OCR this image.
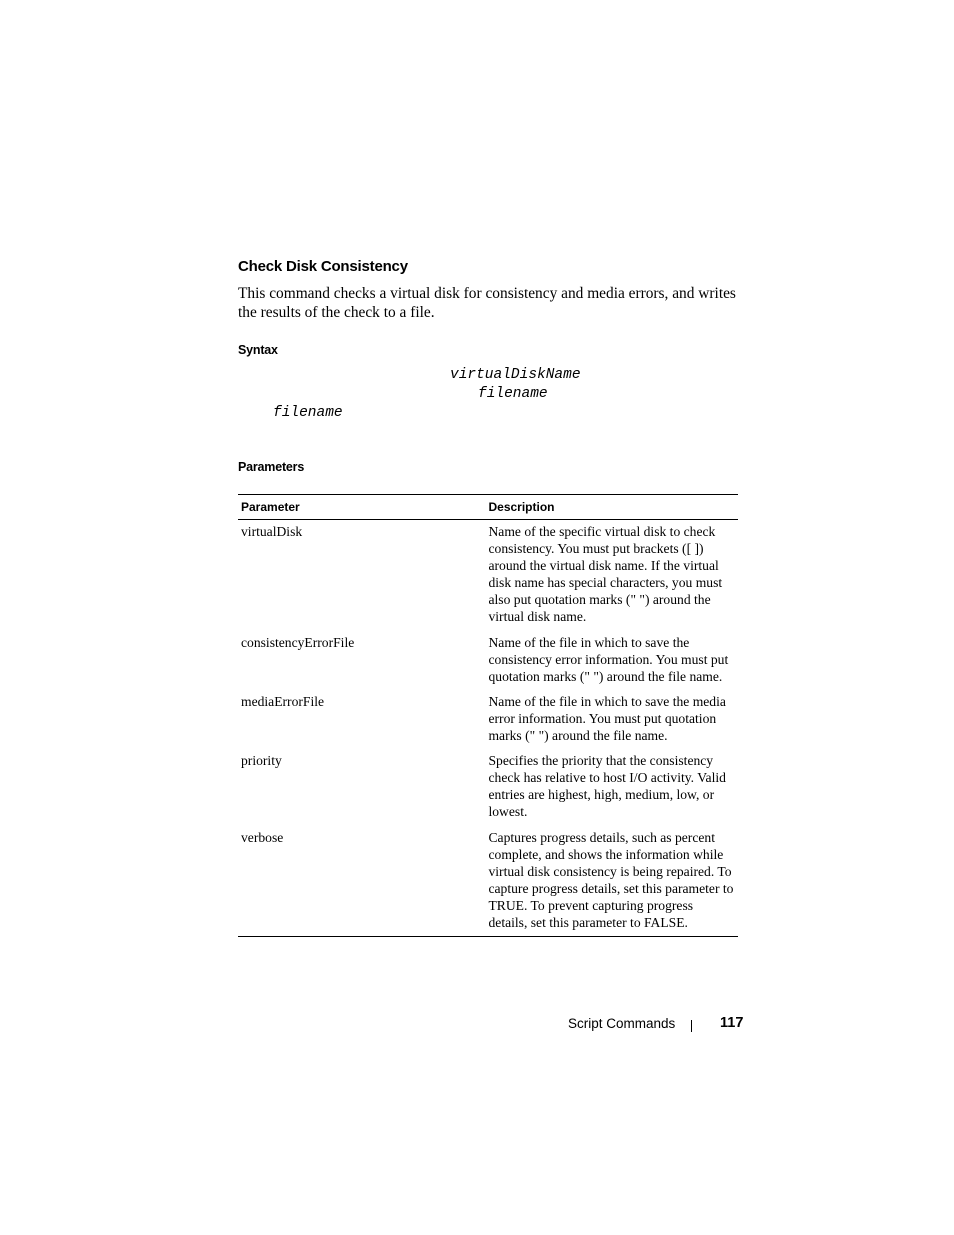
Check Disk Consistency

This command checks a virtual disk for consistency and media errors, and writes the results of the check to a file.

Syntax
virtualDiskName
filename
filename
Parameters
Parameter	Description
virtualDisk	Name of the specific virtual disk to check consistency. You must put brackets ([ ]) around the virtual disk name. If the virtual disk name has special characters, you must also put quotation marks (" ") around the virtual disk name.
consistencyErrorFile	Name of the file in which to save the consistency error information. You must put quotation marks (" ") around the file name.
mediaErrorFile	Name of the file in which to save the media error information. You must put quotation marks (" ") around the file name.
priority	Specifies the priority that the consistency check has relative to host I/O activity. Valid entries are highest, high, medium, low, or lowest.
verbose	Captures progress details, such as percent complete, and shows the information while virtual disk consistency is being repaired. To capture progress details, set this parameter to TRUE. To prevent capturing progress details, set this parameter to FALSE.
Script Commands	117
